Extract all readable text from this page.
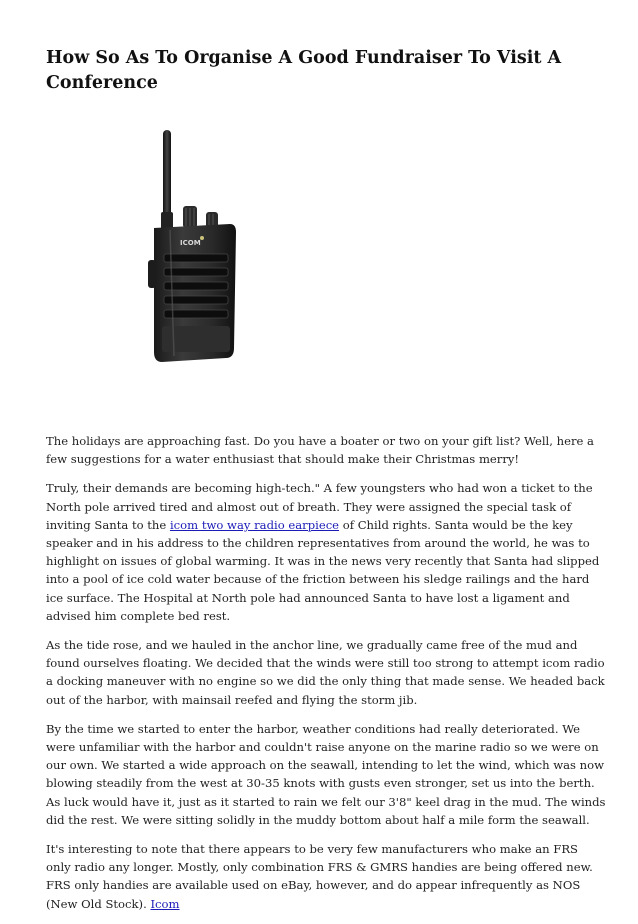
How So As To Organise A Good Fundraiser To Visit A Conference
ICOM

The holidays are approaching fast. Do you have a boater or two on your gift list? Well, here a few suggestions for a water enthusiast that should make their Christmas merry!

Truly, their demands are becoming high-tech." A few youngsters who had won a ticket to the North pole arrived tired and almost out of breath. They were assigned the special task of inviting Santa to the icom two way radio earpiece of Child rights. Santa would be the key speaker and in his address to the children representatives from around the world, he was to highlight on issues of global warming. It was in the news very recently that Santa had slipped into a pool of ice cold water because of the friction between his sledge railings and the hard ice surface. The Hospital at North pole had announced Santa to have lost a ligament and advised him complete bed rest.

As the tide rose, and we hauled in the anchor line, we gradually came free of the mud and found ourselves floating. We decided that the winds were still too strong to attempt icom radio a docking maneuver with no engine so we did the only thing that made sense. We headed back out of the harbor, with mainsail reefed and flying the storm jib.

By the time we started to enter the harbor, weather conditions had really deteriorated. We were unfamiliar with the harbor and couldn't raise anyone on the marine radio so we were on our own. We started a wide approach on the seawall, intending to let the wind, which was now blowing steadily from the west at 30-35 knots with gusts even stronger, set us into the berth. As luck would have it, just as it started to rain we felt our 3'8" keel drag in the mud. The winds did the rest. We were sitting solidly in the muddy bottom about half a mile form the seawall.

It's interesting to note that there appears to be very few manufacturers who make an FRS only radio any longer. Mostly, only combination FRS & GMRS handies are being offered new. FRS only handies are available used on eBay, however, and do appear infrequently as NOS (New Old Stock). Icom
